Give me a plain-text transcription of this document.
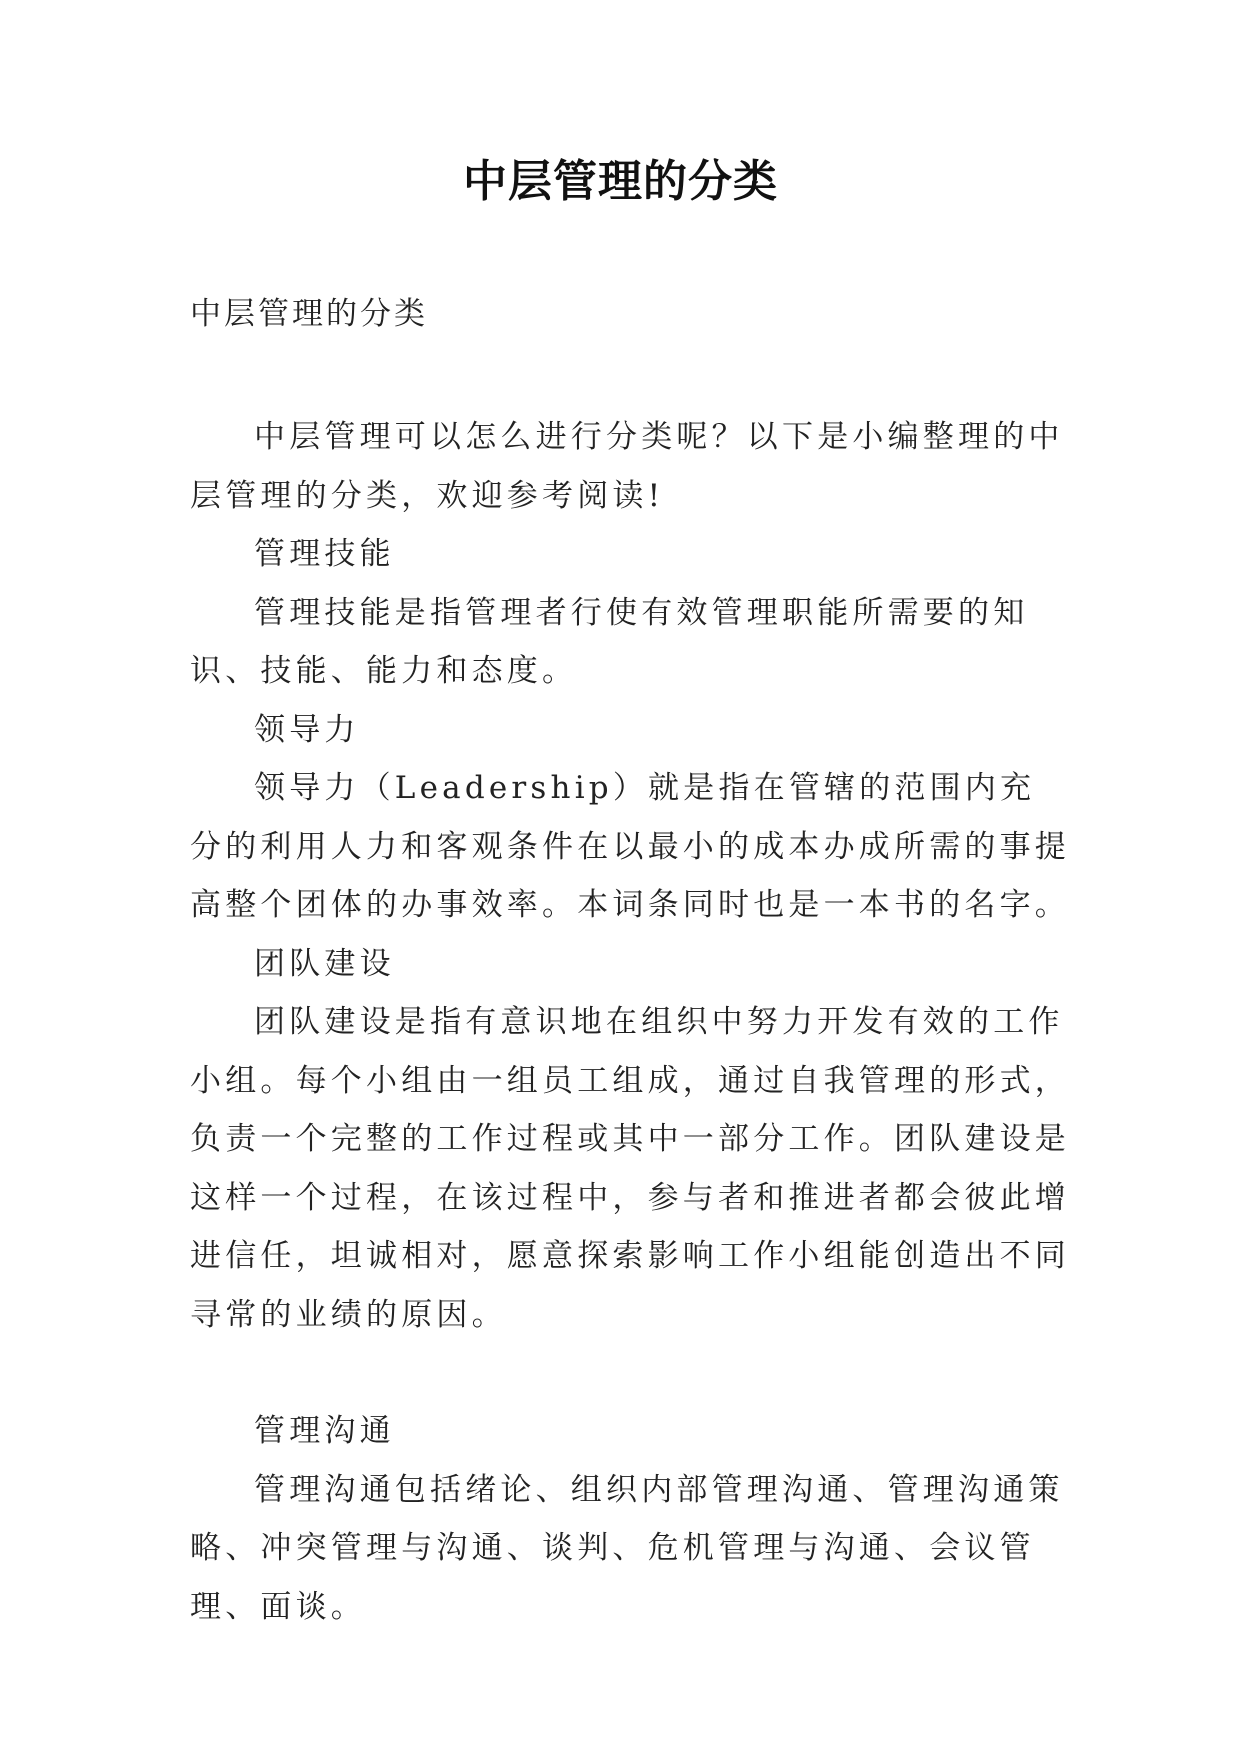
中层管理的分类
中层管理的分类

中层管理可以怎么进行分类呢？以下是小编整理的中层管理的分类，欢迎参考阅读!

管理技能

管理技能是指管理者行使有效管理职能所需要的知识、技能、能力和态度。

领导力

领导力（Leadership）就是指在管辖的范围内充分的利用人力和客观条件在以最小的成本办成所需的事提高整个团体的办事效率。本词条同时也是一本书的名字。

团队建设

团队建设是指有意识地在组织中努力开发有效的工作小组。每个小组由一组员工组成，通过自我管理的形式，负责一个完整的工作过程或其中一部分工作。团队建设是这样一个过程，在该过程中，参与者和推进者都会彼此增进信任，坦诚相对，愿意探索影响工作小组能创造出不同寻常的业绩的原因。

管理沟通

管理沟通包括绪论、组织内部管理沟通、管理沟通策略、冲突管理与沟通、谈判、危机管理与沟通、会议管理、面谈。
